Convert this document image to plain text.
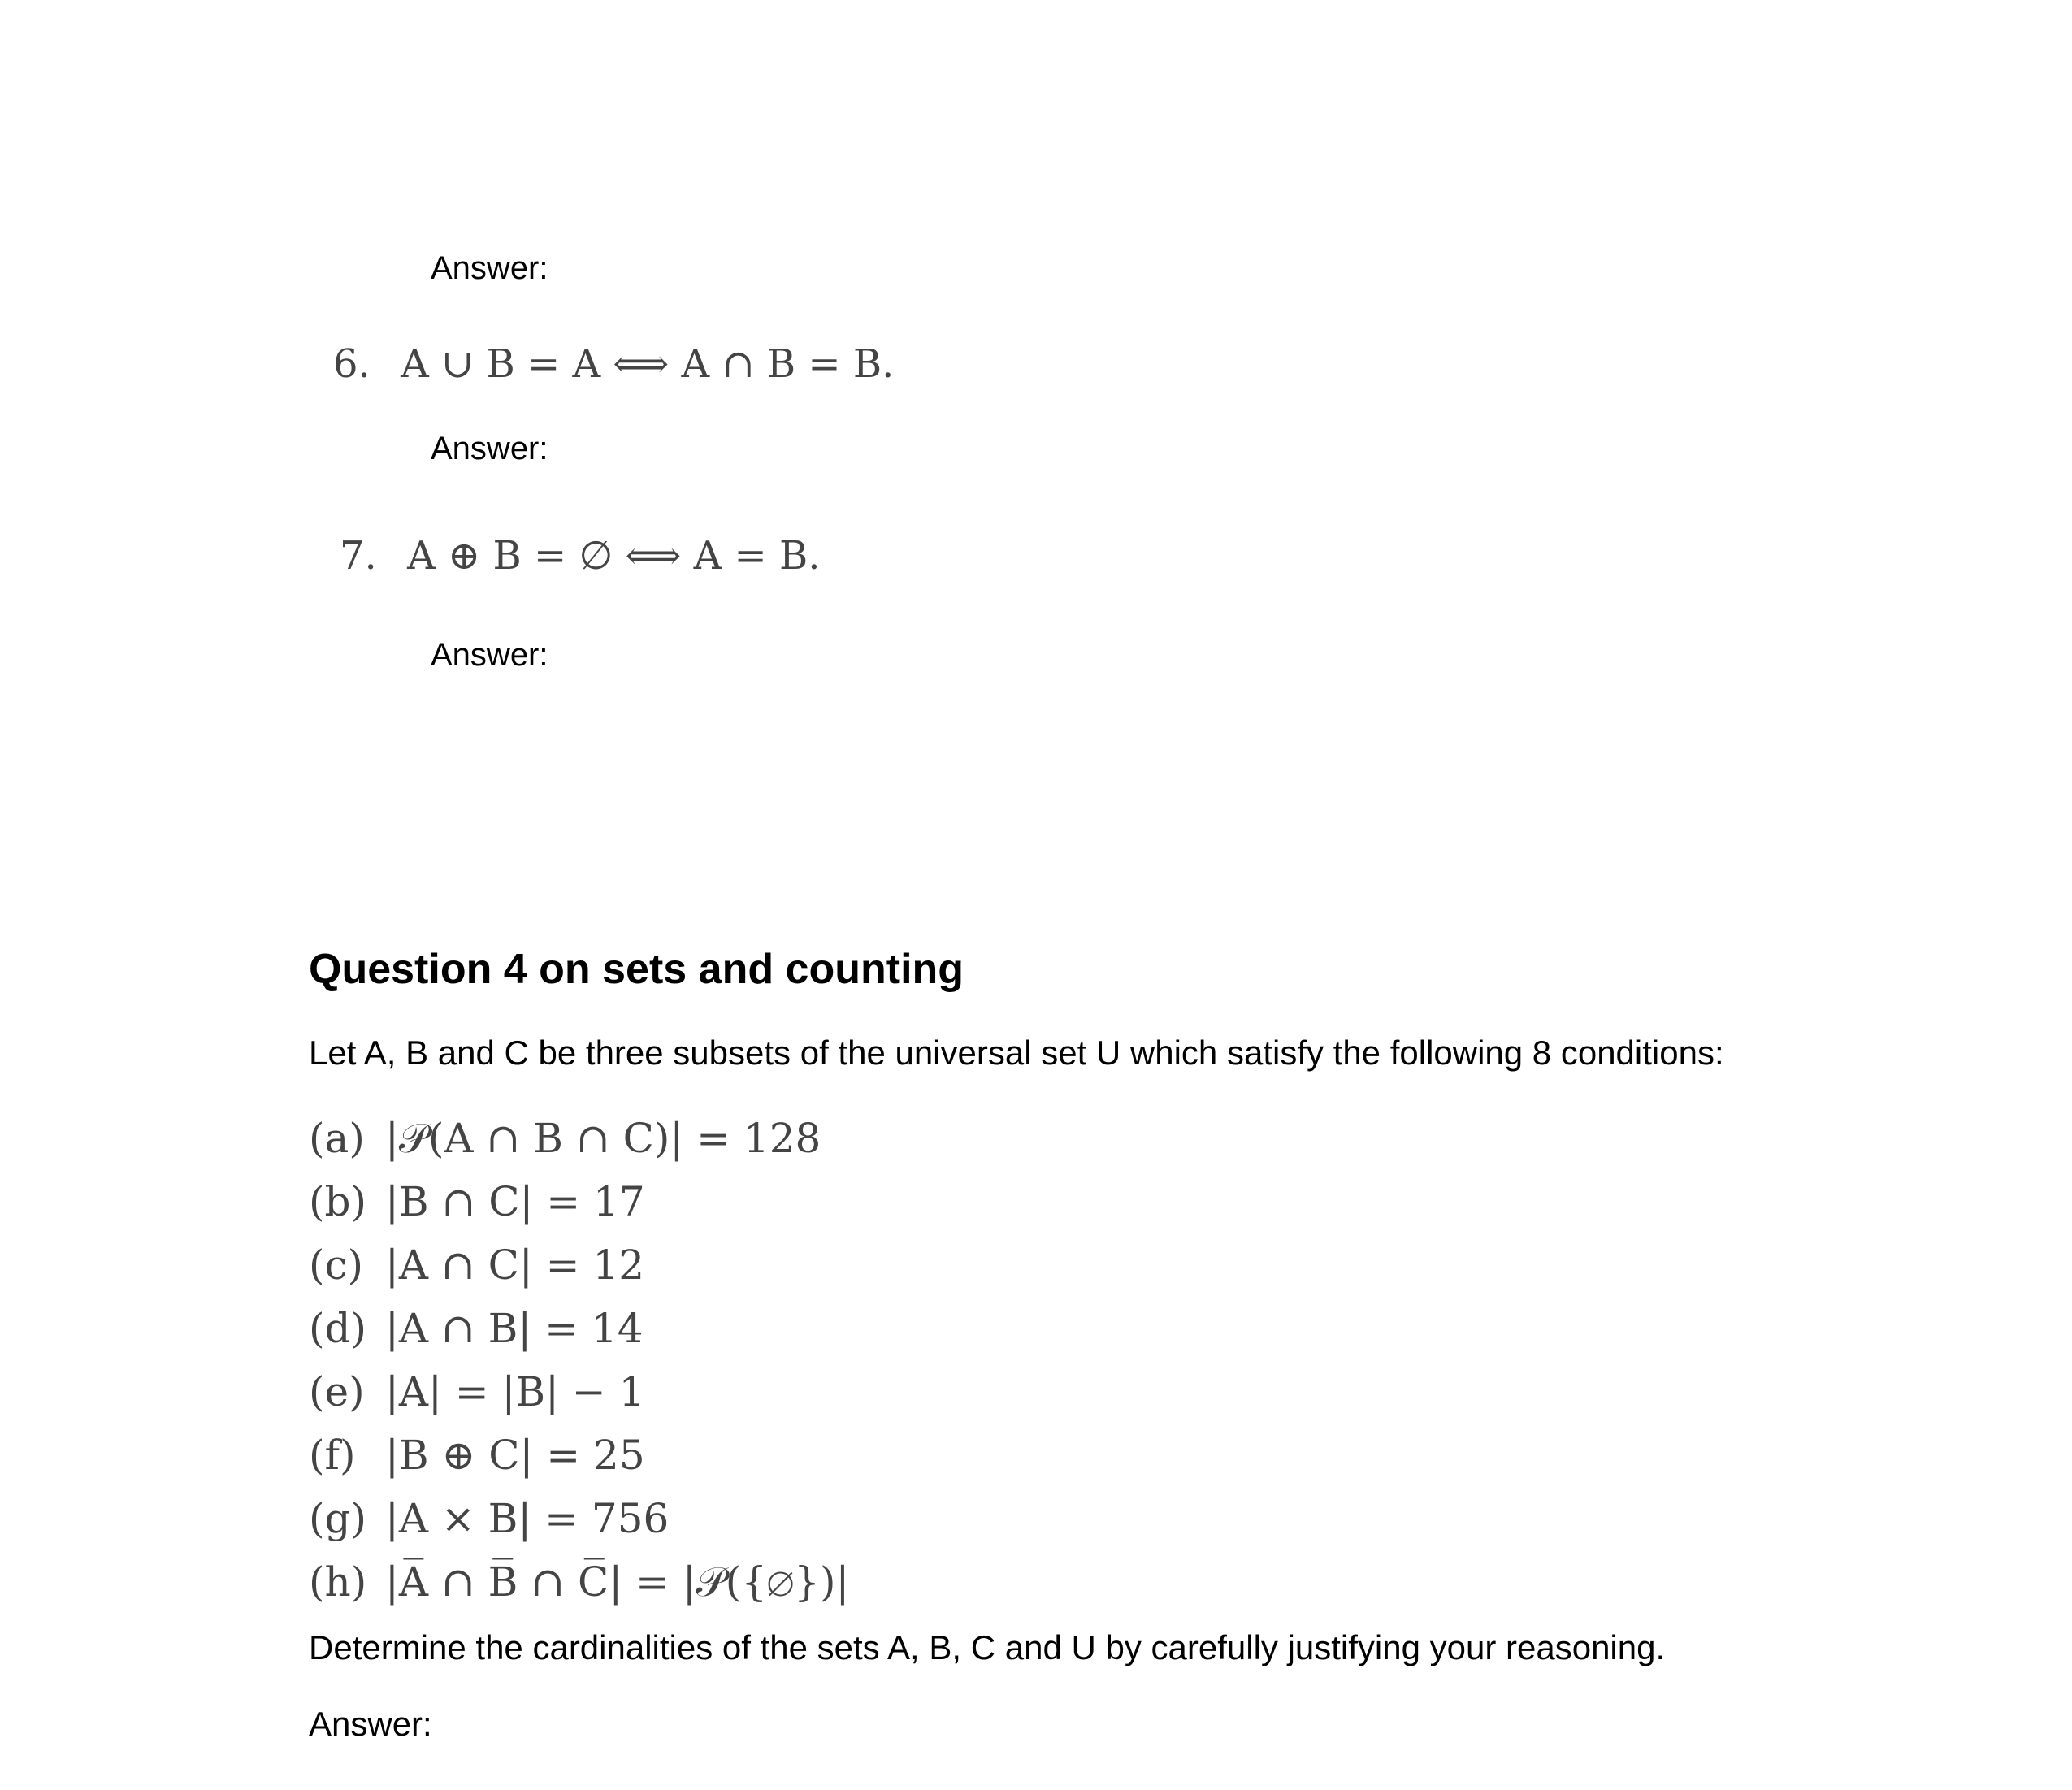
Answer:
6. A ∪ B = A ⟺ A ∩ B = B.
Answer:
7. A ⊕ B = ∅ ⟺ A = B.
Answer:
Question 4 on sets and counting
Let A, B and C be three subsets of the universal set U which satisfy the following 8 conditions:
(a) |𝒫(A ∩ B ∩ C)| = 128
(b) |B ∩ C| = 17
(c) |A ∩ C| = 12
(d) |A ∩ B| = 14
(e) |A| = |B| − 1
(f) |B ⊕ C| = 25
(g) |A × B| = 756
(h) |A̅ ∩ B̅ ∩ C̅| = |𝒫({∅})|
Determine the cardinalities of the sets A, B, C and U by carefully justifying your reasoning.
Answer:
